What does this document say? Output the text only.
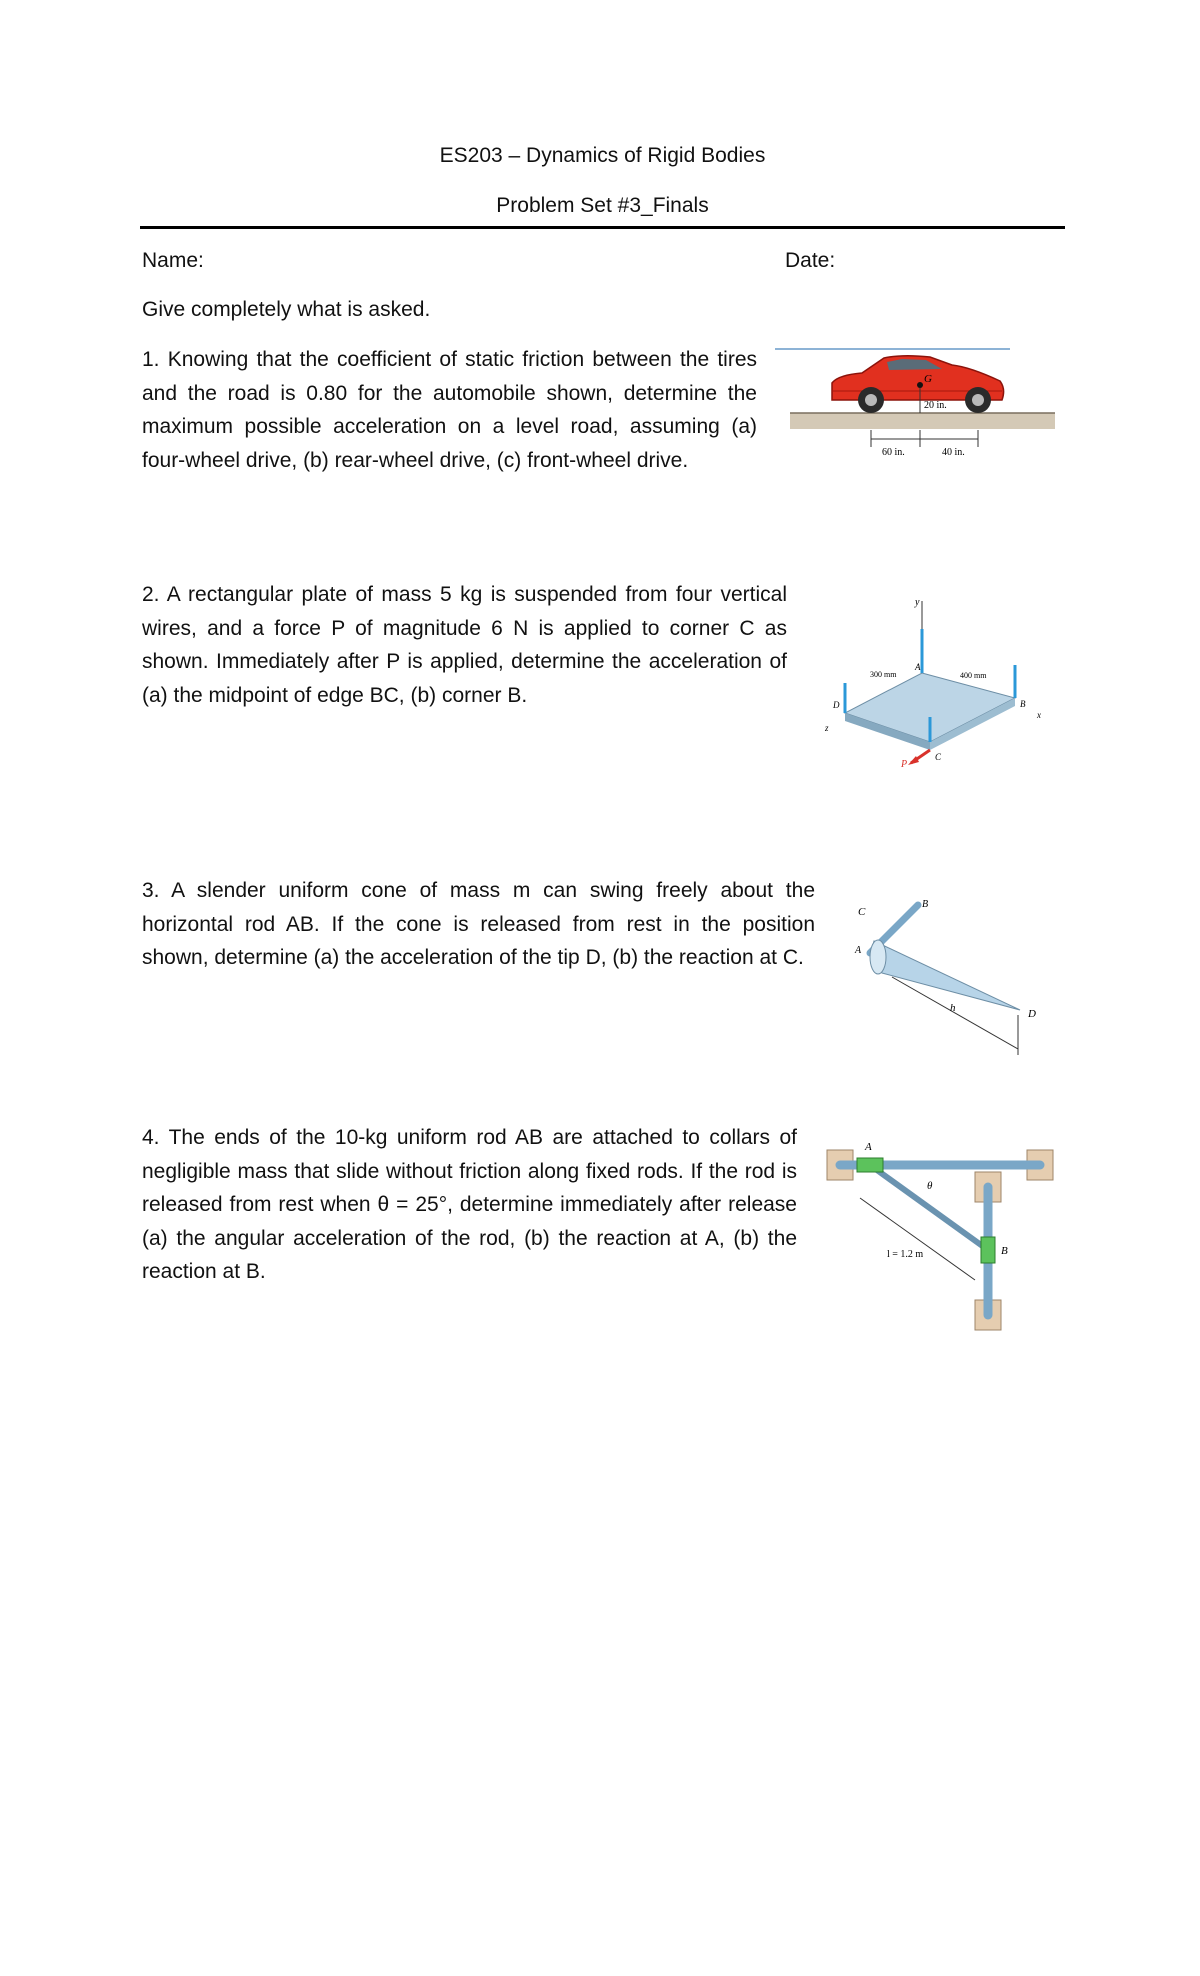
ES203 – Dynamics of Rigid Bodies
Problem Set #3_Finals
Name:	Date:
Give completely what is asked.
1. Knowing that the coefficient of static friction between the tires and the road is 0.80 for the automobile shown, determine the maximum possible acceleration on a level road, assuming (a) four-wheel drive, (b) rear-wheel drive, (c) front-wheel drive.
G
20 in.
60 in.	40 in.
2. A rectangular plate of mass 5 kg is suspended from four vertical wires, and a force P of magnitude 6 N is applied to corner C as shown. Immediately after P is applied, determine the acceleration of (a) the midpoint of edge BC, (b) corner B.
y
P
A
B
C
D
x
z
300 mm	400 mm
3. A slender uniform cone of mass m can swing freely about the horizontal rod AB. If the cone is released from rest in the position shown, determine (a) the acceleration of the tip D, (b) the reaction at C.
C
B
A
D
h
4. The ends of the 10-kg uniform rod AB are attached to collars of negligible mass that slide without friction along fixed rods. If the rod is released from rest when θ = 25°, determine immediately after release (a) the angular acceleration of the rod, (b) the reaction at A, (b) the reaction at B.
A
B
θ
l = 1.2 m
